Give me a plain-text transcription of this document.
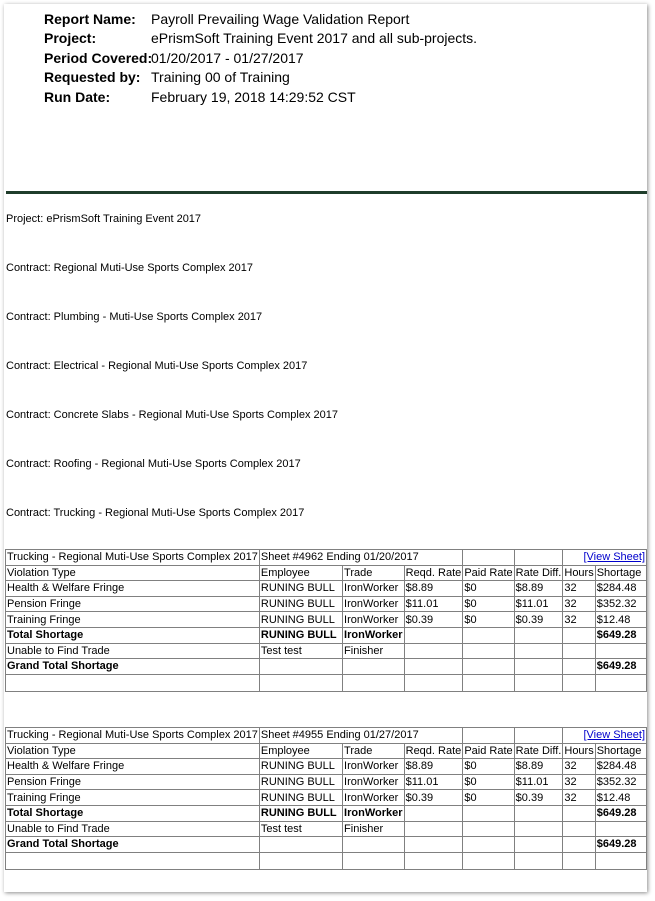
Report Name: Payroll Prevailing Wage Validation Report
Project:	ePrismSoft Training Event 2017 and all sub-projects.
Period Covered:01/20/2017 - 01/27/2017
Requested by: Training 00 of Training
Run Date:	February 19, 2018 14:29:52 CST
Project: ePrismSoft Training Event 2017
Contract: Regional Muti-Use Sports Complex 2017
Contract: Plumbing - Muti-Use Sports Complex 2017
Contract: Electrical - Regional Muti-Use Sports Complex 2017
Contract: Concrete Slabs - Regional Muti-Use Sports Complex 2017
Contract: Roofing - Regional Muti-Use Sports Complex 2017
Contract: Trucking - Regional Muti-Use Sports Complex 2017
Trucking - Regional Muti-Use Sports Complex 2017	Sheet #4962 Ending 01/20/2017					[View Sheet]	
Violation Type	Employee	Trade	Reqd. Rate	Paid Rate	Rate Diff.	Hours	Shortage
Health & Welfare Fringe	RUNING BULL	IronWorker	$8.89	$0	$8.89	32	$284.48
Pension Fringe	RUNING BULL	IronWorker	$11.01	$0	$11.01	32	$352.32
Training Fringe	RUNING BULL	IronWorker	$0.39	$0	$0.39	32	$12.48
Total Shortage	RUNING BULL	IronWorker					$649.28
Unable to Find Trade	Test test	Finisher					
Grand Total Shortage							$649.28

Trucking - Regional Muti-Use Sports Complex 2017	Sheet #4955 Ending 01/27/2017					[View Sheet]	
Violation Type	Employee	Trade	Reqd. Rate	Paid Rate	Rate Diff.	Hours	Shortage
Health & Welfare Fringe	RUNING BULL	IronWorker	$8.89	$0	$8.89	32	$284.48
Pension Fringe	RUNING BULL	IronWorker	$11.01	$0	$11.01	32	$352.32
Training Fringe	RUNING BULL	IronWorker	$0.39	$0	$0.39	32	$12.48
Total Shortage	RUNING BULL	IronWorker					$649.28
Unable to Find Trade	Test test	Finisher					
Grand Total Shortage							$649.28
